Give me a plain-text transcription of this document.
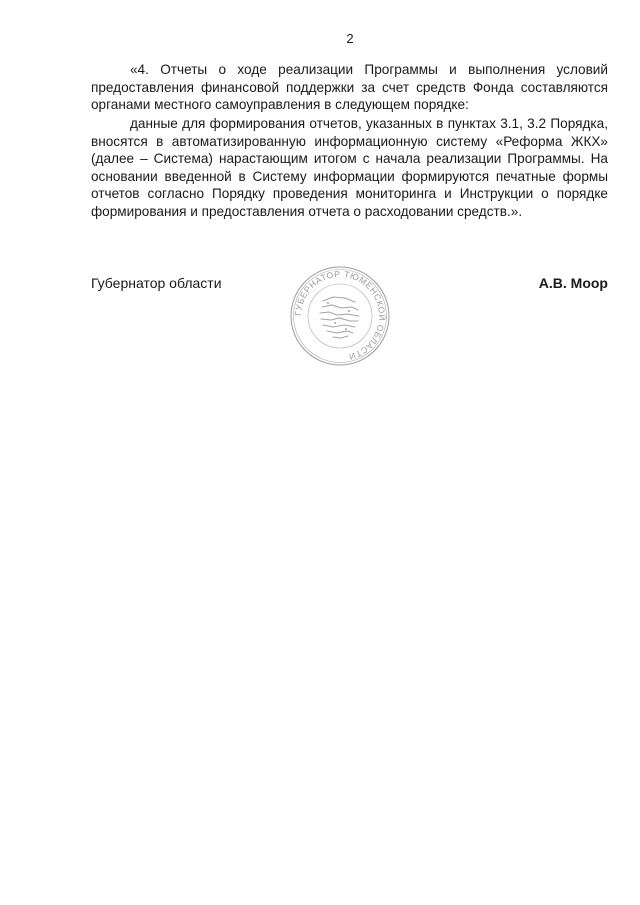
2

«4. Отчеты о ходе реализации Программы и выполнения условий предоставления финансовой поддержки за счет средств Фонда составляются органами местного самоуправления в следующем порядке:

данные для формирования отчетов, указанных в пунктах 3.1, 3.2 Порядка, вносятся в автоматизированную информационную систему «Реформа ЖКХ» (далее – Система) нарастающим итогом с начала реализации Программы. На основании введенной в Систему информации формируются печатные формы отчетов согласно Порядку проведения мониторинга и Инструкции о порядке формирования и предоставления отчета о расходовании средств.».

Губернатор области	А.В. Моор
ГУБЕРНАТОР ТЮМЕНСКОЙ ОБЛАСТИ
